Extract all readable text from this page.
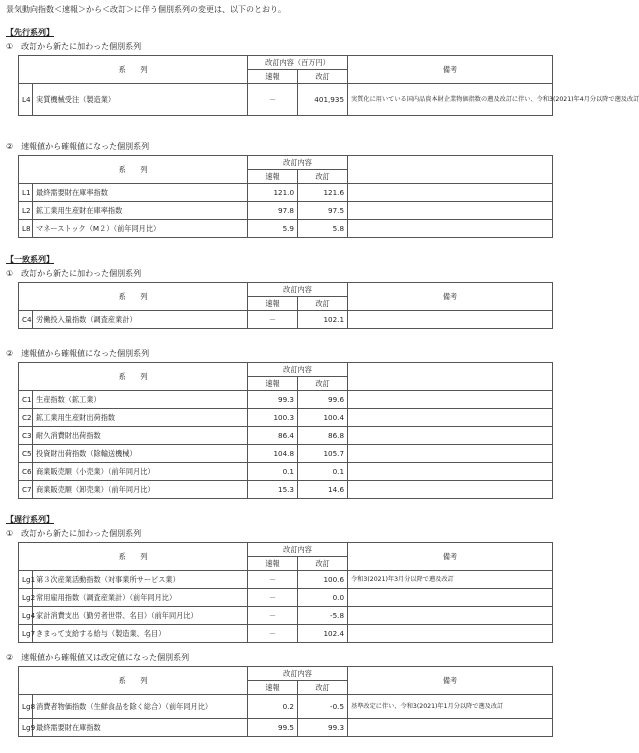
景気動向指数＜速報＞から＜改訂＞に伴う個別系列の変更は、以下のとおり。
【先行系列】
①　改訂から新たに加わった個別系列
系　　列		改訂内容（百万円）		備考
		速報	改訂	
L4	実質機械受注（製造業）	－	401,935	実質化に用いている国内品資本財企業物価指数の遡及改訂に伴い、令和3(2021)年4月分以降で遡及改訂
②　速報値から確報値になった個別系列
系　　列		改訂内容		
		速報	改訂	
L1	最終需要財在庫率指数	121.0	121.6	
L2	鉱工業用生産財在庫率指数	97.8	97.5	
L8	マネーストック（M２）（前年同月比）	5.9	5.8	
【一致系列】
①　改訂から新たに加わった個別系列
系　　列		改訂内容		備考
		速報	改訂	
C4	労働投入量指数（調査産業計）	－	102.1	
②　速報値から確報値になった個別系列
系　　列		改訂内容		
		速報	改訂	
C1	生産指数（鉱工業）	99.3	99.6	
C2	鉱工業用生産財出荷指数	100.3	100.4	
C3	耐久消費財出荷指数	86.4	86.8	
C5	投資財出荷指数（除輸送機械）	104.8	105.7	
C6	商業販売額（小売業）（前年同月比）	0.1	0.1	
C7	商業販売額（卸売業）（前年同月比）	15.3	14.6	
【遅行系列】
①　改訂から新たに加わった個別系列
系　　列		改訂内容		備考
		速報	改訂	
Lg1	第３次産業活動指数（対事業所サービス業）	－	100.6	令和3(2021)年3月分以降で遡及改訂
Lg2	常用雇用指数（調査産業計）（前年同月比）	－	0.0	
Lg4	家計消費支出（勤労者世帯、名目）（前年同月比）	－	-5.8	
Lg7	きまって支給する給与（製造業、名目）	－	102.4	
②　速報値から確報値又は改定値になった個別系列
系　　列		改訂内容		備考
		速報	改訂	
Lg8	消費者物価指数（生鮮食品を除く総合）（前年同月比）	0.2	-0.5	基準改定に伴い、令和3(2021)年1月分以降で遡及改訂
Lg9	最終需要財在庫指数	99.5	99.3	
